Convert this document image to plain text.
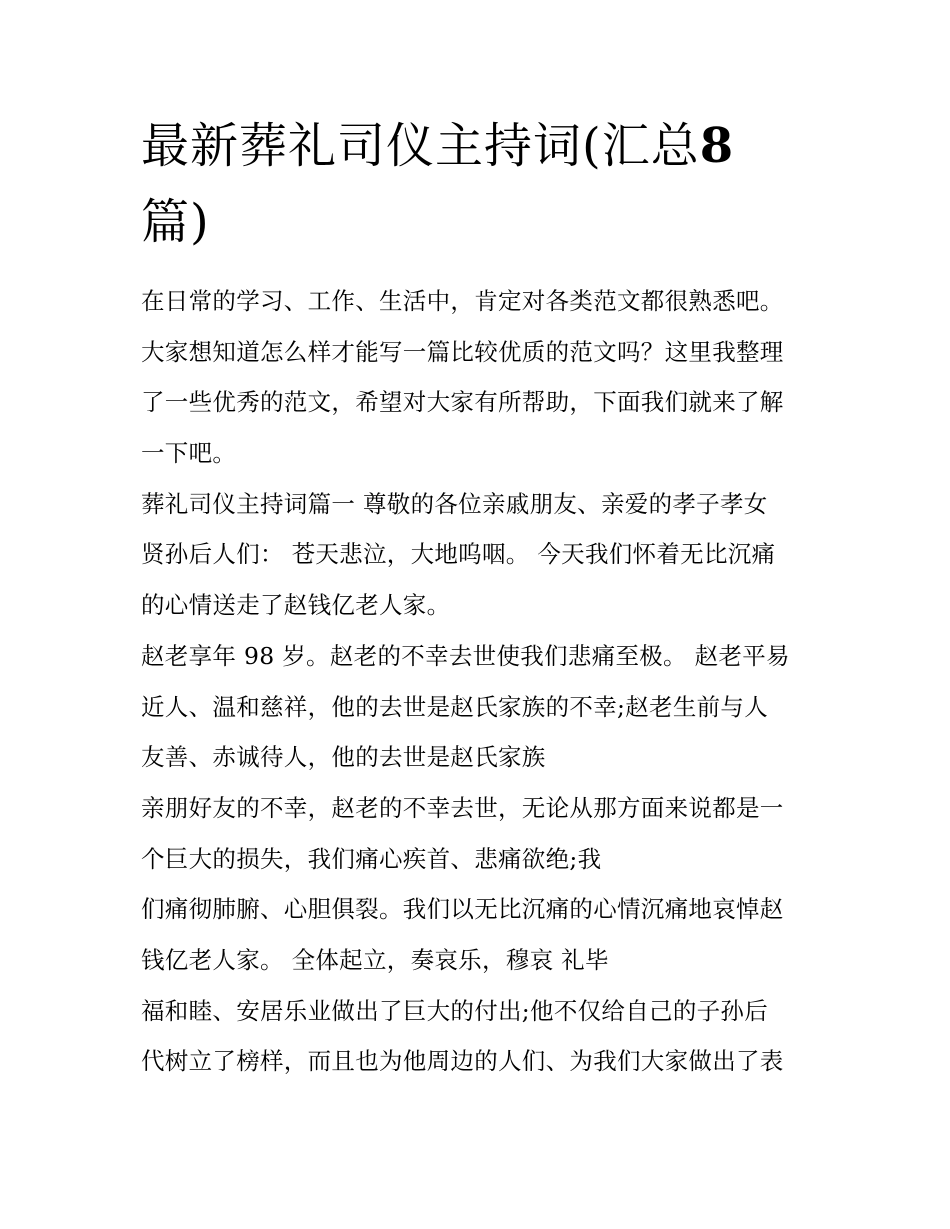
最新葬礼司仪主持词(汇总8
篇)
在日常的学习、工作、生活中，肯定对各类范文都很熟悉吧。
大家想知道怎么样才能写一篇比较优质的范文吗？这里我整理
了一些优秀的范文，希望对大家有所帮助，下面我们就来了解
一下吧。
葬礼司仪主持词篇一 尊敬的各位亲戚朋友、亲爱的孝子孝女
贤孙后人们： 苍天悲泣，大地呜咽。 今天我们怀着无比沉痛
的心情送走了赵钱亿老人家。
赵老享年 98 岁。赵老的不幸去世使我们悲痛至极。 赵老平易
近人、温和慈祥，他的去世是赵氏家族的不幸;赵老生前与人
友善、赤诚待人，他的去世是赵氏家族
亲朋好友的不幸，赵老的不幸去世，无论从那方面来说都是一
个巨大的损失，我们痛心疾首、悲痛欲绝;我
们痛彻肺腑、心胆俱裂。我们以无比沉痛的心情沉痛地哀悼赵
钱亿老人家。 全体起立，奏哀乐，穆哀 礼毕
福和睦、安居乐业做出了巨大的付出;他不仅给自己的子孙后
代树立了榜样，而且也为他周边的人们、为我们大家做出了表
